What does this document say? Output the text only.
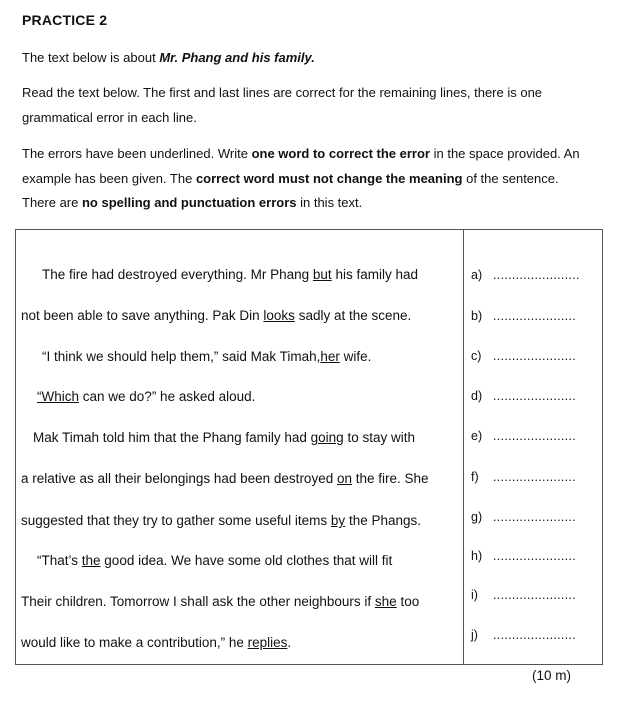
PRACTICE 2
The text below is about Mr. Phang and his family.
Read the text below. The first and last lines are correct for the remaining lines, there is one grammatical error in each line.
The errors have been underlined. Write one word to correct the error in the space provided. An example has been given. The correct word must not change the meaning of the sentence. There are no spelling and punctuation errors in this text.
The fire had destroyed everything. Mr Phang but his family had
not been able to save anything. Pak Din looks sadly at the scene.
“I think we should help them,” said Mak Timah,her wife.
“Which can we do?” he asked aloud.
Mak Timah told him that the Phang family had going to stay with
a relative as all their belongings had been destroyed on the fire. She
suggested that they try to gather some useful items by the Phangs.
“That’s the good idea. We have some old clothes that will fit
Their children. Tomorrow I shall ask the other neighbours if she too
would like to make a contribution,” he replies.
a) .......................
b) ......................
c) ......................
d) ......................
e) ......................
f) ......................
g) ......................
h) ......................
i) ......................
j) ......................
(10 m)
